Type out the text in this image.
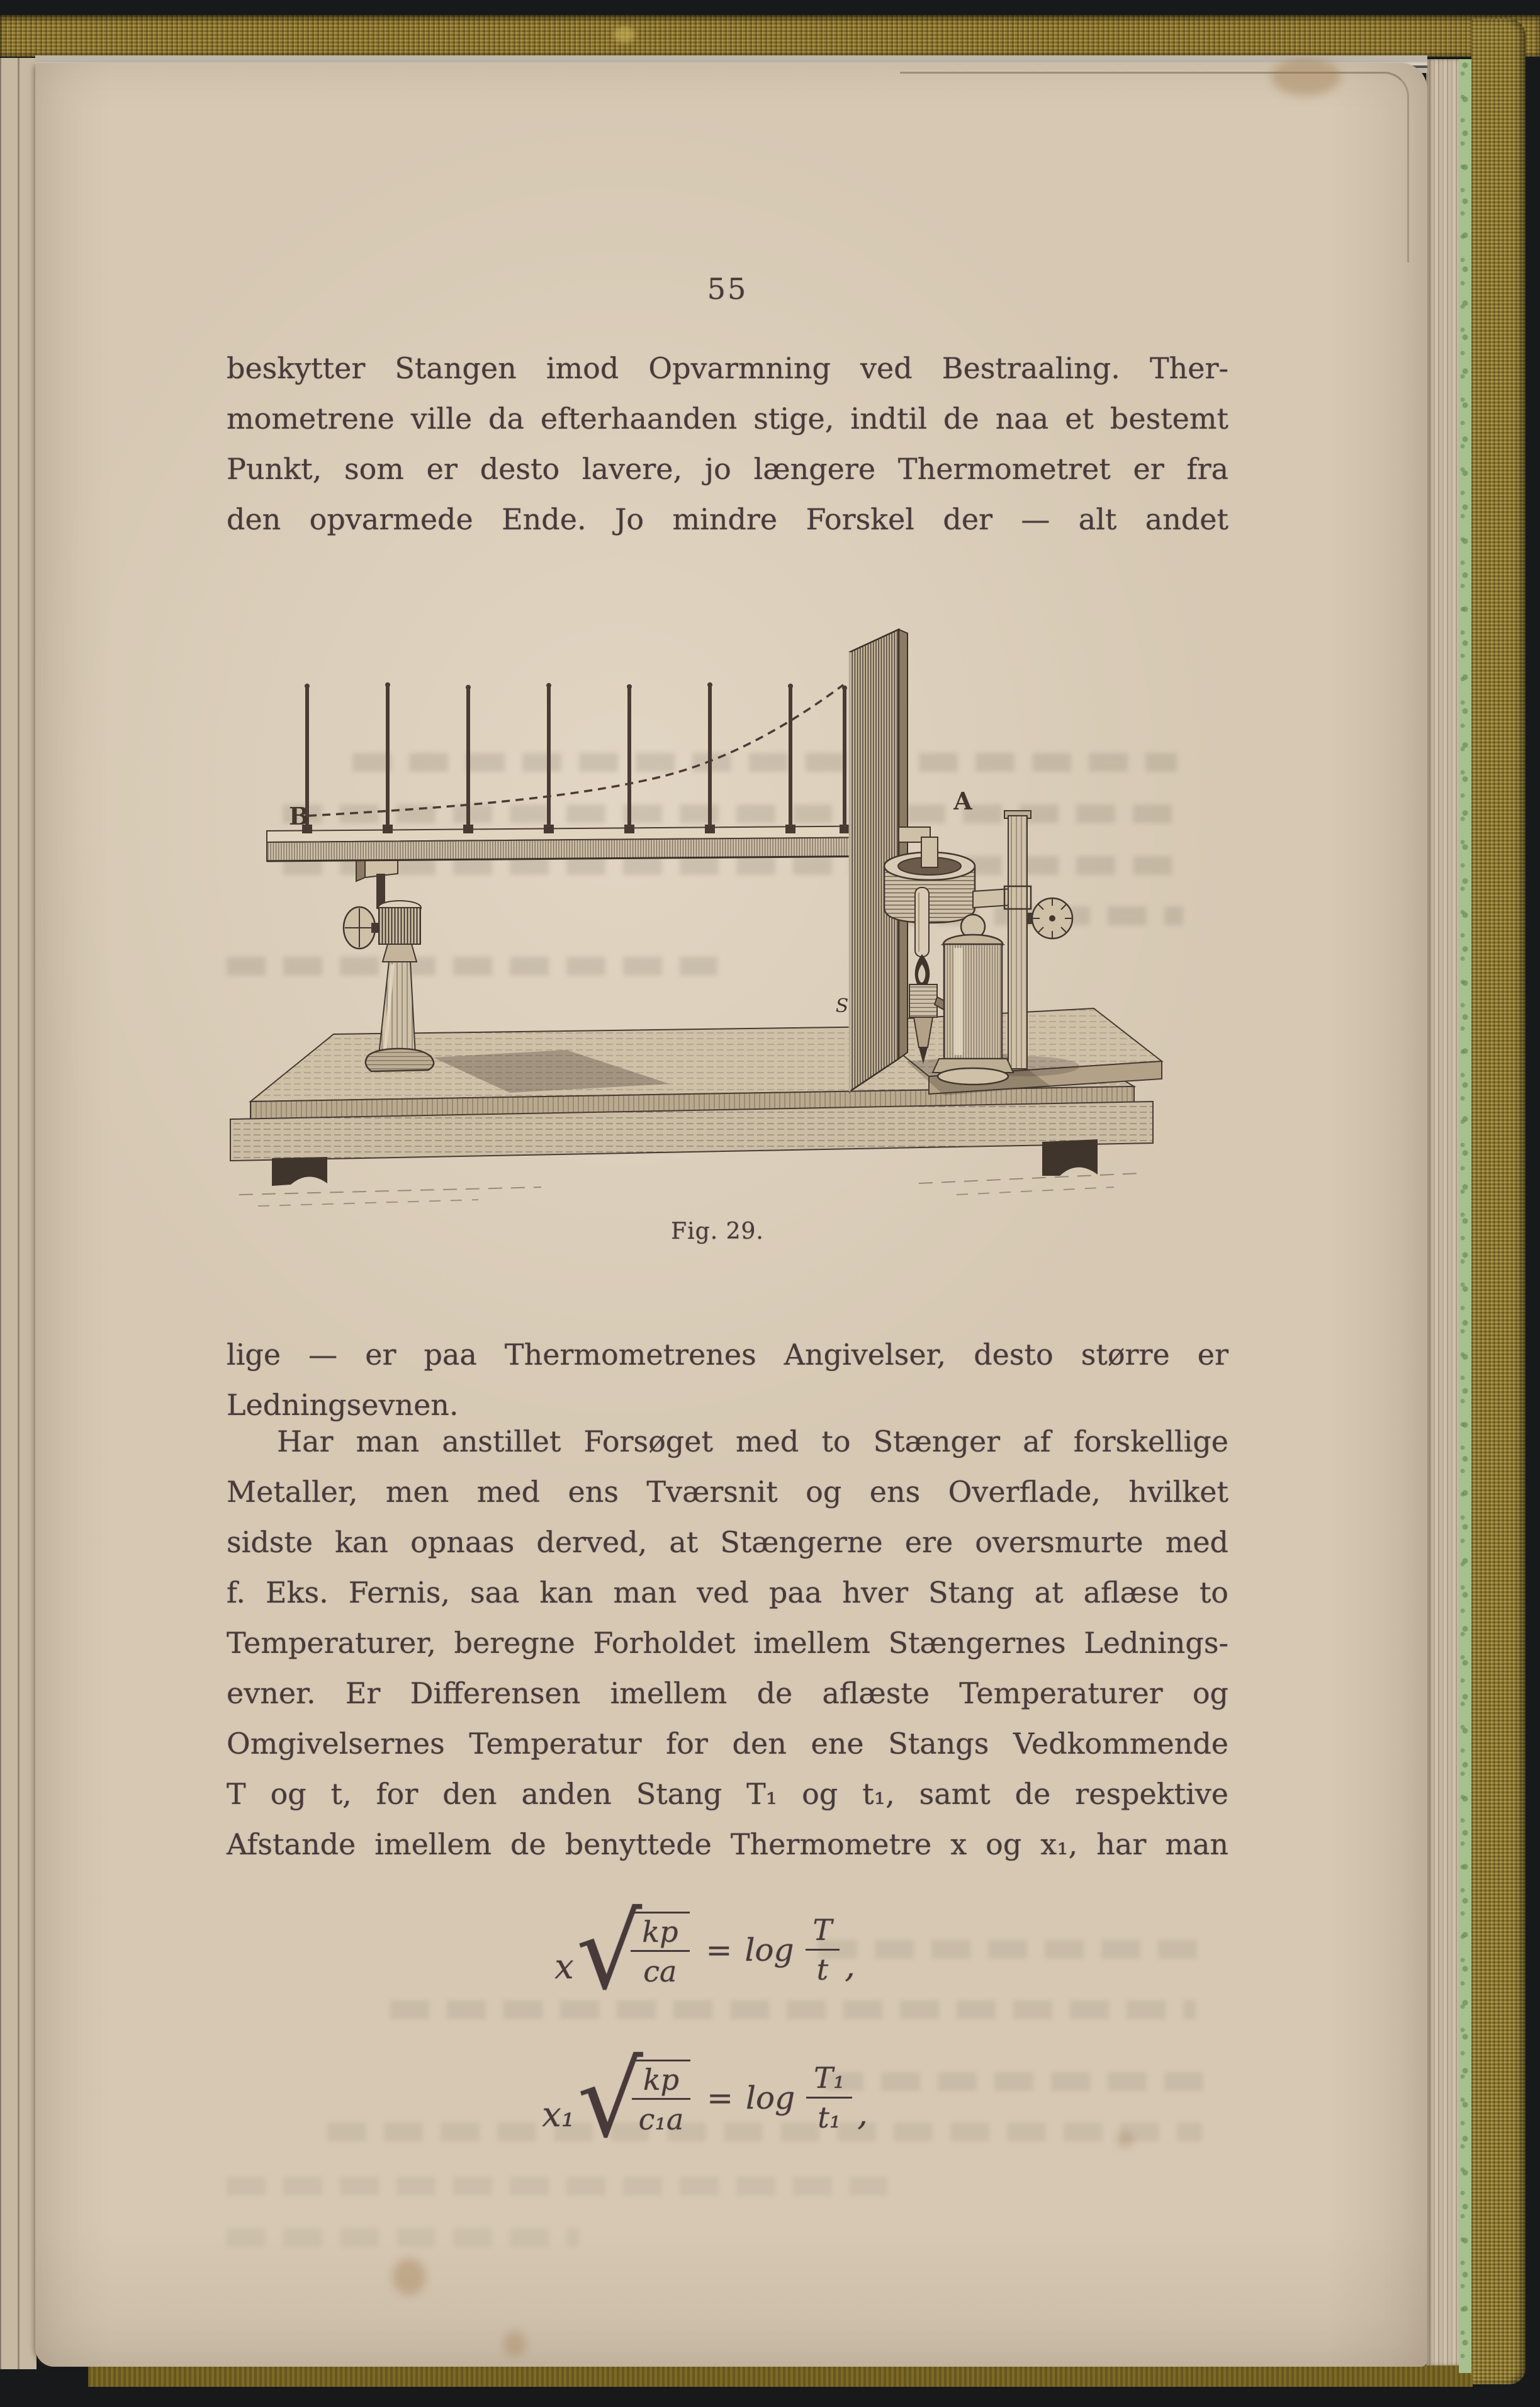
55
beskytter Stangen imod Opvarmning ved Bestraaling. Ther-
mometrene ville da efterhaanden stige, indtil de naa et bestemt
Punkt, som er desto lavere, jo længere Thermometret er fra
den opvarmede Ende. Jo mindre Forskel der — alt andet
B
S
A
Fig. 29.
lige — er paa Thermometrenes Angivelser, desto større er
Ledningsevnen.
Har man anstillet Forsøget med to Stænger af forskellige
Metaller, men med ens Tværsnit og ens Overflade, hvilket
sidste kan opnaas derved, at Stængerne ere oversmurte med
f. Eks. Fernis, saa kan man ved paa hver Stang at aflæse to
Temperaturer, beregne Forholdet imellem Stængernes Lednings-
evner. Er Differensen imellem de aflæste Temperaturer og
Omgivelsernes Temperatur for den ene Stangs Vedkommende
T og t, for den anden Stang T₁ og t₁, samt de respektive
Afstande imellem de benyttede Thermometre x og x₁, har man
x √
$\frac{kp}{ca} = \log \frac{T}{t}$ ,
x₁ √
$\frac{kp}{\text{c₁a}} = \log \frac{\text{T₁}}{\text{t₁}}$ ,
